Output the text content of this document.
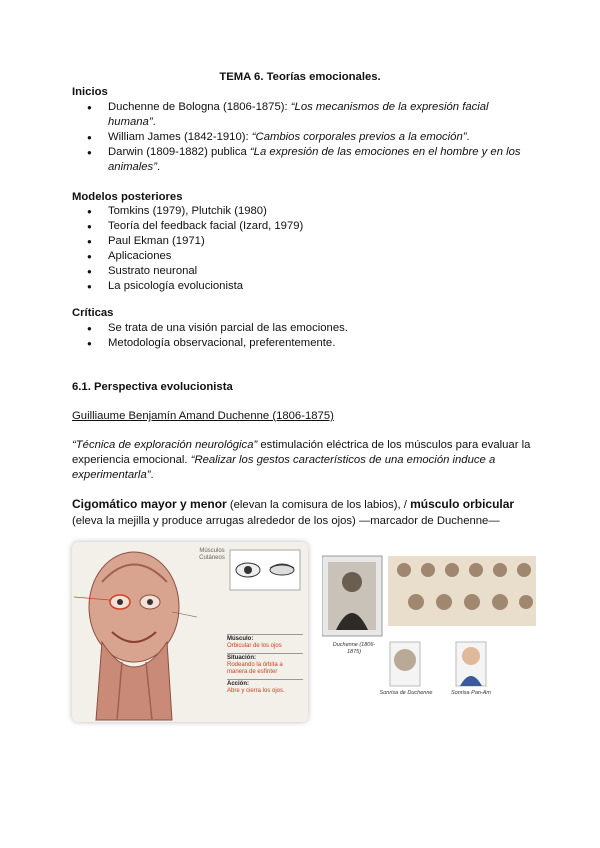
TEMA 6. Teorías emocionales.
Inicios
● Duchenne de Bologna (1806-1875): “Los mecanismos de la expresión facial humana”.
● William James (1842-1910): “Cambios corporales previos a la emoción”.
● Darwin (1809-1882) publica “La expresión de las emociones en el hombre y en los animales”.
Modelos posteriores
● Tomkins (1979), Plutchik (1980)
● Teoría del feedback facial (Izard, 1979)
● Paul Ekman (1971)
● Aplicaciones
● Sustrato neuronal
● La psicología evolucionista
Críticas
● Se trata de una visión parcial de las emociones.
● Metodología observacional, preferentemente.
6.1. Perspectiva evolucionista
Guilliaume Benjamín Amand Duchenne (1806-1875)
“Técnica de exploración neurológica” estimulación eléctrica de los músculos para evaluar la experiencia emocional. “Realizar los gestos característicos de una emoción induce a experimentarla”.
Cigomático mayor y menor (elevan la comisura de los labios), / músculo orbicular (eleva la mejilla y produce arrugas alrededor de los ojos) —marcador de Duchenne—
Músculos Cutáneos
Músculo:
Orbicular de los ojos
Situación:
Rodeando la órbita a manera de esfínter
Acción:
Abre y cierra los ojos.
Duchenne (1806-1875)
Sonrisa de Duchenne	Sonrisa Pan-Am
